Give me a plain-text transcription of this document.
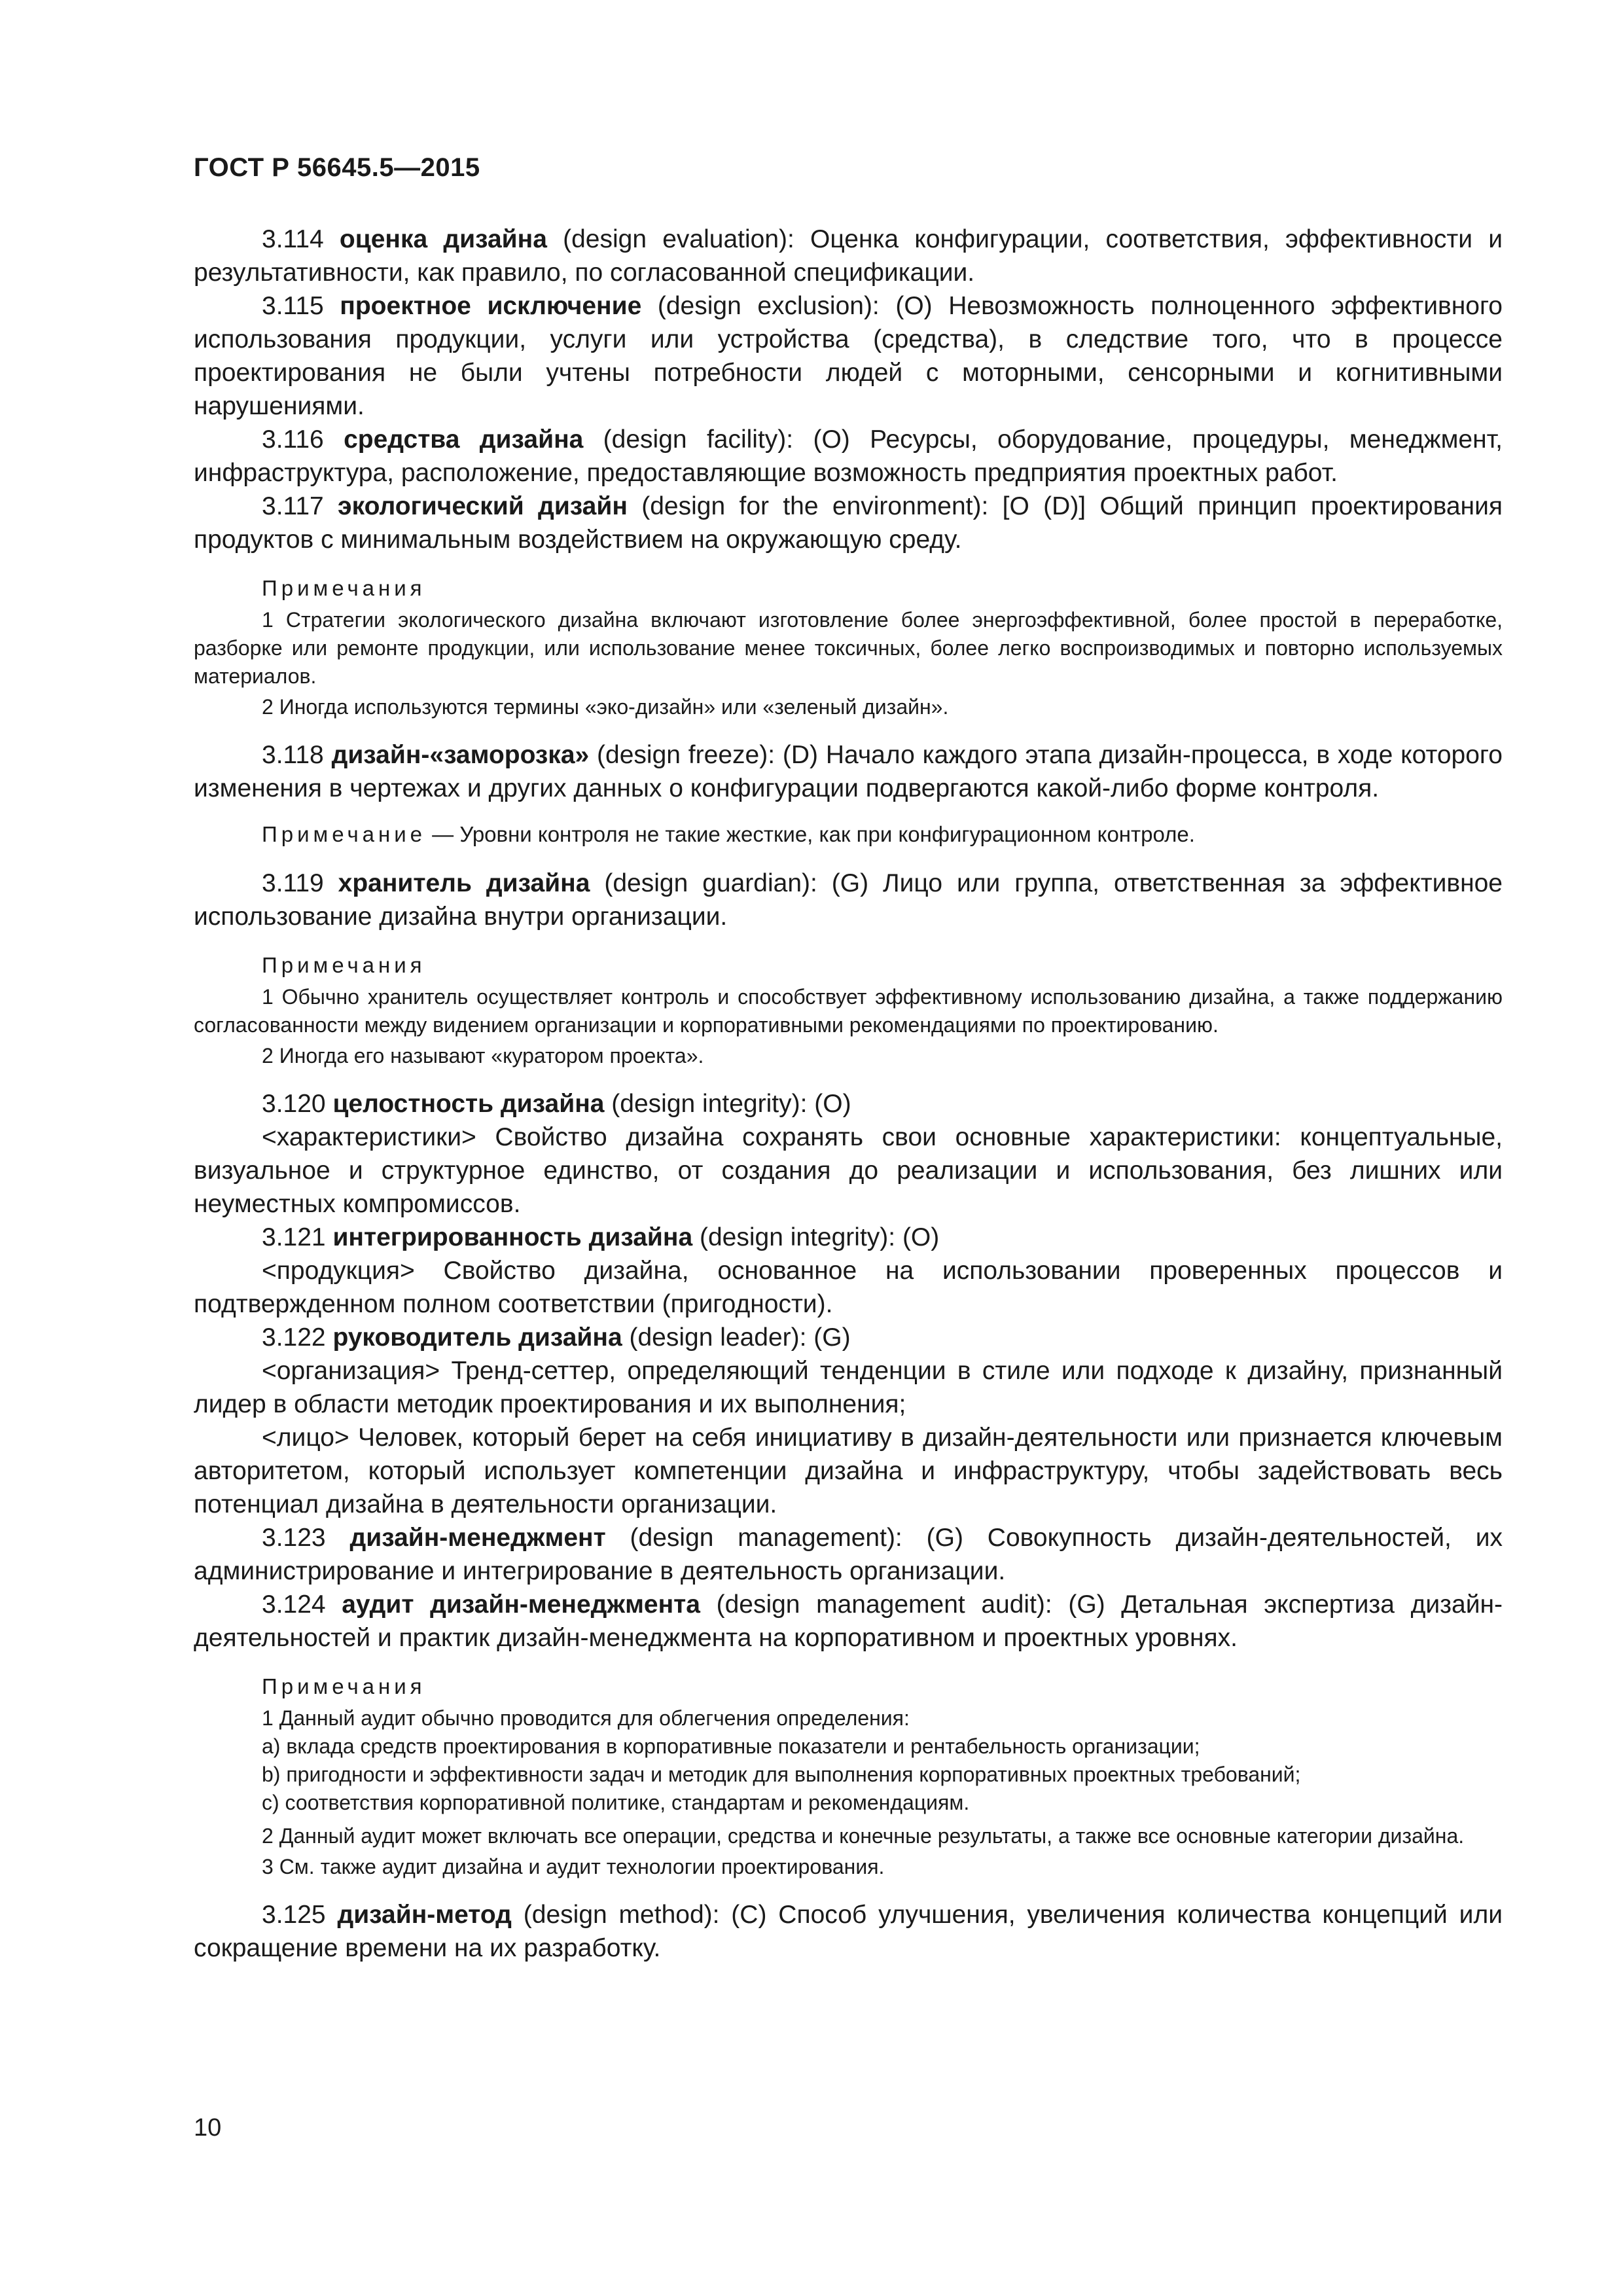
ГОСТ Р 56645.5—2015

3.114 оценка дизайна (design evaluation): Оценка конфигурации, соответствия, эффективности и результативности, как правило, по согласованной спецификации.

3.115 проектное исключение (design exclusion): (O) Невозможность полноценного эффективного использования продукции, услуги или устройства (средства), в следствие того, что в процессе проектирования не были учтены потребности людей с моторными, сенсорными и когнитивными нарушениями.

3.116 средства дизайна (design facility): (O) Ресурсы, оборудование, процедуры, менеджмент, инфраструктура, расположение, предоставляющие возможность предприятия проектных работ.

3.117 экологический дизайн (design for the environment): [O (D)] Общий принцип проектирования продуктов с минимальным воздействием на окружающую среду.

Примечания

1 Стратегии экологического дизайна включают изготовление более энергоэффективной, более простой в переработке, разборке или ремонте продукции, или использование менее токсичных, более легко воспроизводимых и повторно используемых материалов.

2 Иногда используются термины «эко-дизайн» или «зеленый дизайн».

3.118 дизайн-«заморозка» (design freeze): (D) Начало каждого этапа дизайн-процесса, в ходе которого изменения в чертежах и других данных о конфигурации подвергаются какой-либо форме контроля.

Примечание — Уровни контроля не такие жесткие, как при конфигурационном контроле.

3.119 хранитель дизайна (design guardian): (G) Лицо или группа, ответственная за эффективное использование дизайна внутри организации.

Примечания

1 Обычно хранитель осуществляет контроль и способствует эффективному использованию дизайна, а также поддержанию согласованности между видением организации и корпоративными рекомендациями по проектированию.

2 Иногда его называют «куратором проекта».

3.120 целостность дизайна (design integrity): (O)

<характеристики> Свойство дизайна сохранять свои основные характеристики: концептуальные, визуальное и структурное единство, от создания до реализации и использования, без лишних или неуместных компромиссов.

3.121 интегрированность дизайна (design integrity): (O)

<продукция> Свойство дизайна, основанное на использовании проверенных процессов и подтвержденном полном соответствии (пригодности).

3.122 руководитель дизайна (design leader): (G)

<организация> Тренд-сеттер, определяющий тенденции в стиле или подходе к дизайну, признанный лидер в области методик проектирования и их выполнения;

<лицо> Человек, который берет на себя инициативу в дизайн-деятельности или признается ключевым авторитетом, который использует компетенции дизайна и инфраструктуру, чтобы задействовать весь потенциал дизайна в деятельности организации.

3.123 дизайн-менеджмент (design management): (G) Совокупность дизайн-деятельностей, их администрирование и интегрирование в деятельность организации.

3.124 аудит дизайн-менеджмента (design management audit): (G) Детальная экспертиза дизайн-деятельностей и практик дизайн-менеджмента на корпоративном и проектных уровнях.

Примечания

1 Данный аудит обычно проводится для облегчения определения:

а) вклада средств проектирования в корпоративные показатели и рентабельность организации;

b) пригодности и эффективности задач и методик для выполнения корпоративных проектных требований;

c) соответствия корпоративной политике, стандартам и рекомендациям.

2 Данный аудит может включать все операции, средства и конечные результаты, а также все основные категории дизайна.

3 См. также аудит дизайна и аудит технологии проектирования.

3.125 дизайн-метод (design method): (C) Способ улучшения, увеличения количества концепций или сокращение времени на их разработку.

10
